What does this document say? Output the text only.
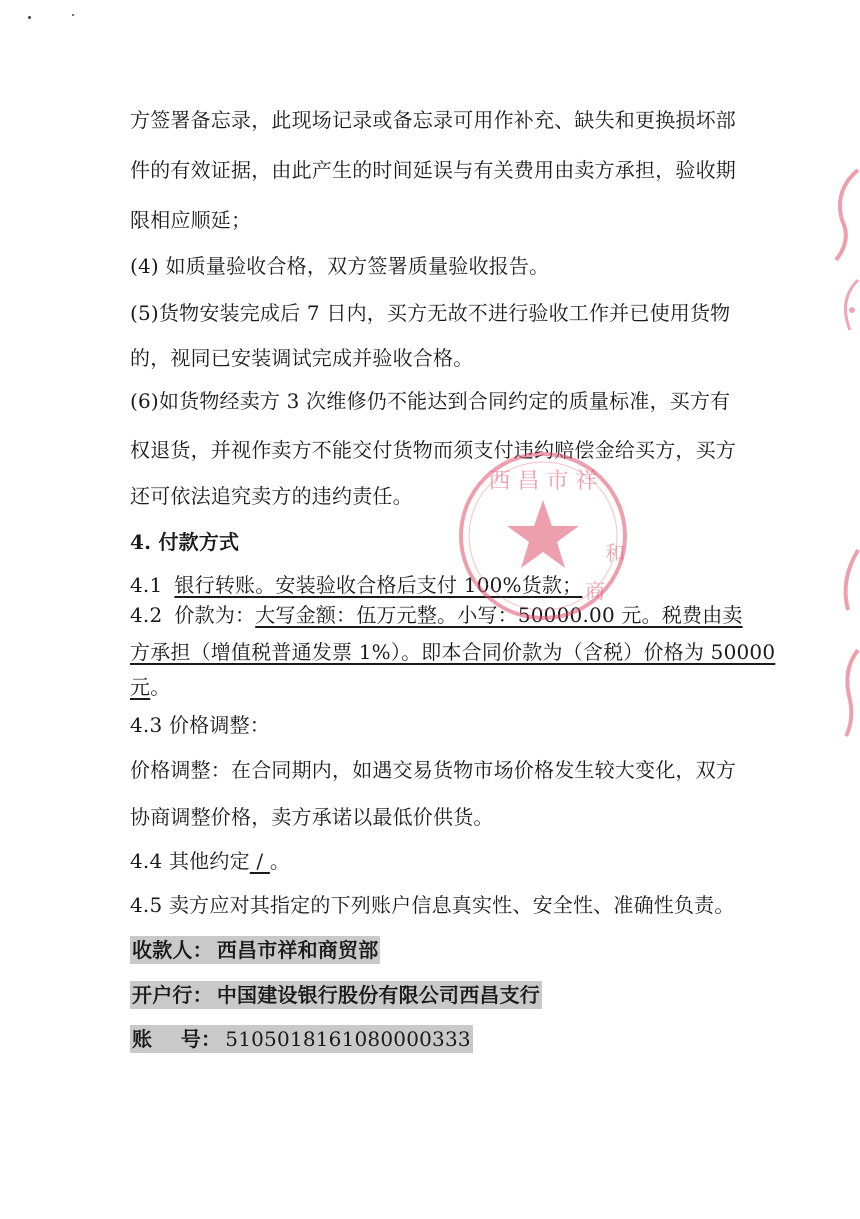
方签署备忘录，此现场记录或备忘录可用作补充、缺失和更换损坏部
件的有效证据，由此产生的时间延误与有关费用由卖方承担，验收期
限相应顺延；
(4) 如质量验收合格，双方签署质量验收报告。
(5)货物安装完成后 7 日内，买方无故不进行验收工作并已使用货物
的，视同已安装调试完成并验收合格。
(6)如货物经卖方 3 次维修仍不能达到合同约定的质量标准，买方有
权退货，并视作卖方不能交付货物而须支付违约赔偿金给买方，买方
还可依法追究卖方的违约责任。
4. 付款方式
4.1 银行转账。安装验收合格后支付 100%货款；
4.2 价款为：大写金额：伍万元整。小写：50000.00 元。税费由卖
方承担（增值税普通发票 1%）。即本合同价款为（含税）价格为 50000
元。
4.3 价格调整：
价格调整：在合同期内，如遇交易货物市场价格发生较大变化，双方
协商调整价格，卖方承诺以最低价供货。
4.4 其他约定 / 。
4.5 卖方应对其指定的下列账户信息真实性、安全性、准确性负责。
收款人： 西昌市祥和商贸部
开户行： 中国建设银行股份有限公司西昌支行
账    号： 5105018161080000333
西 昌 市 祥
和
商
